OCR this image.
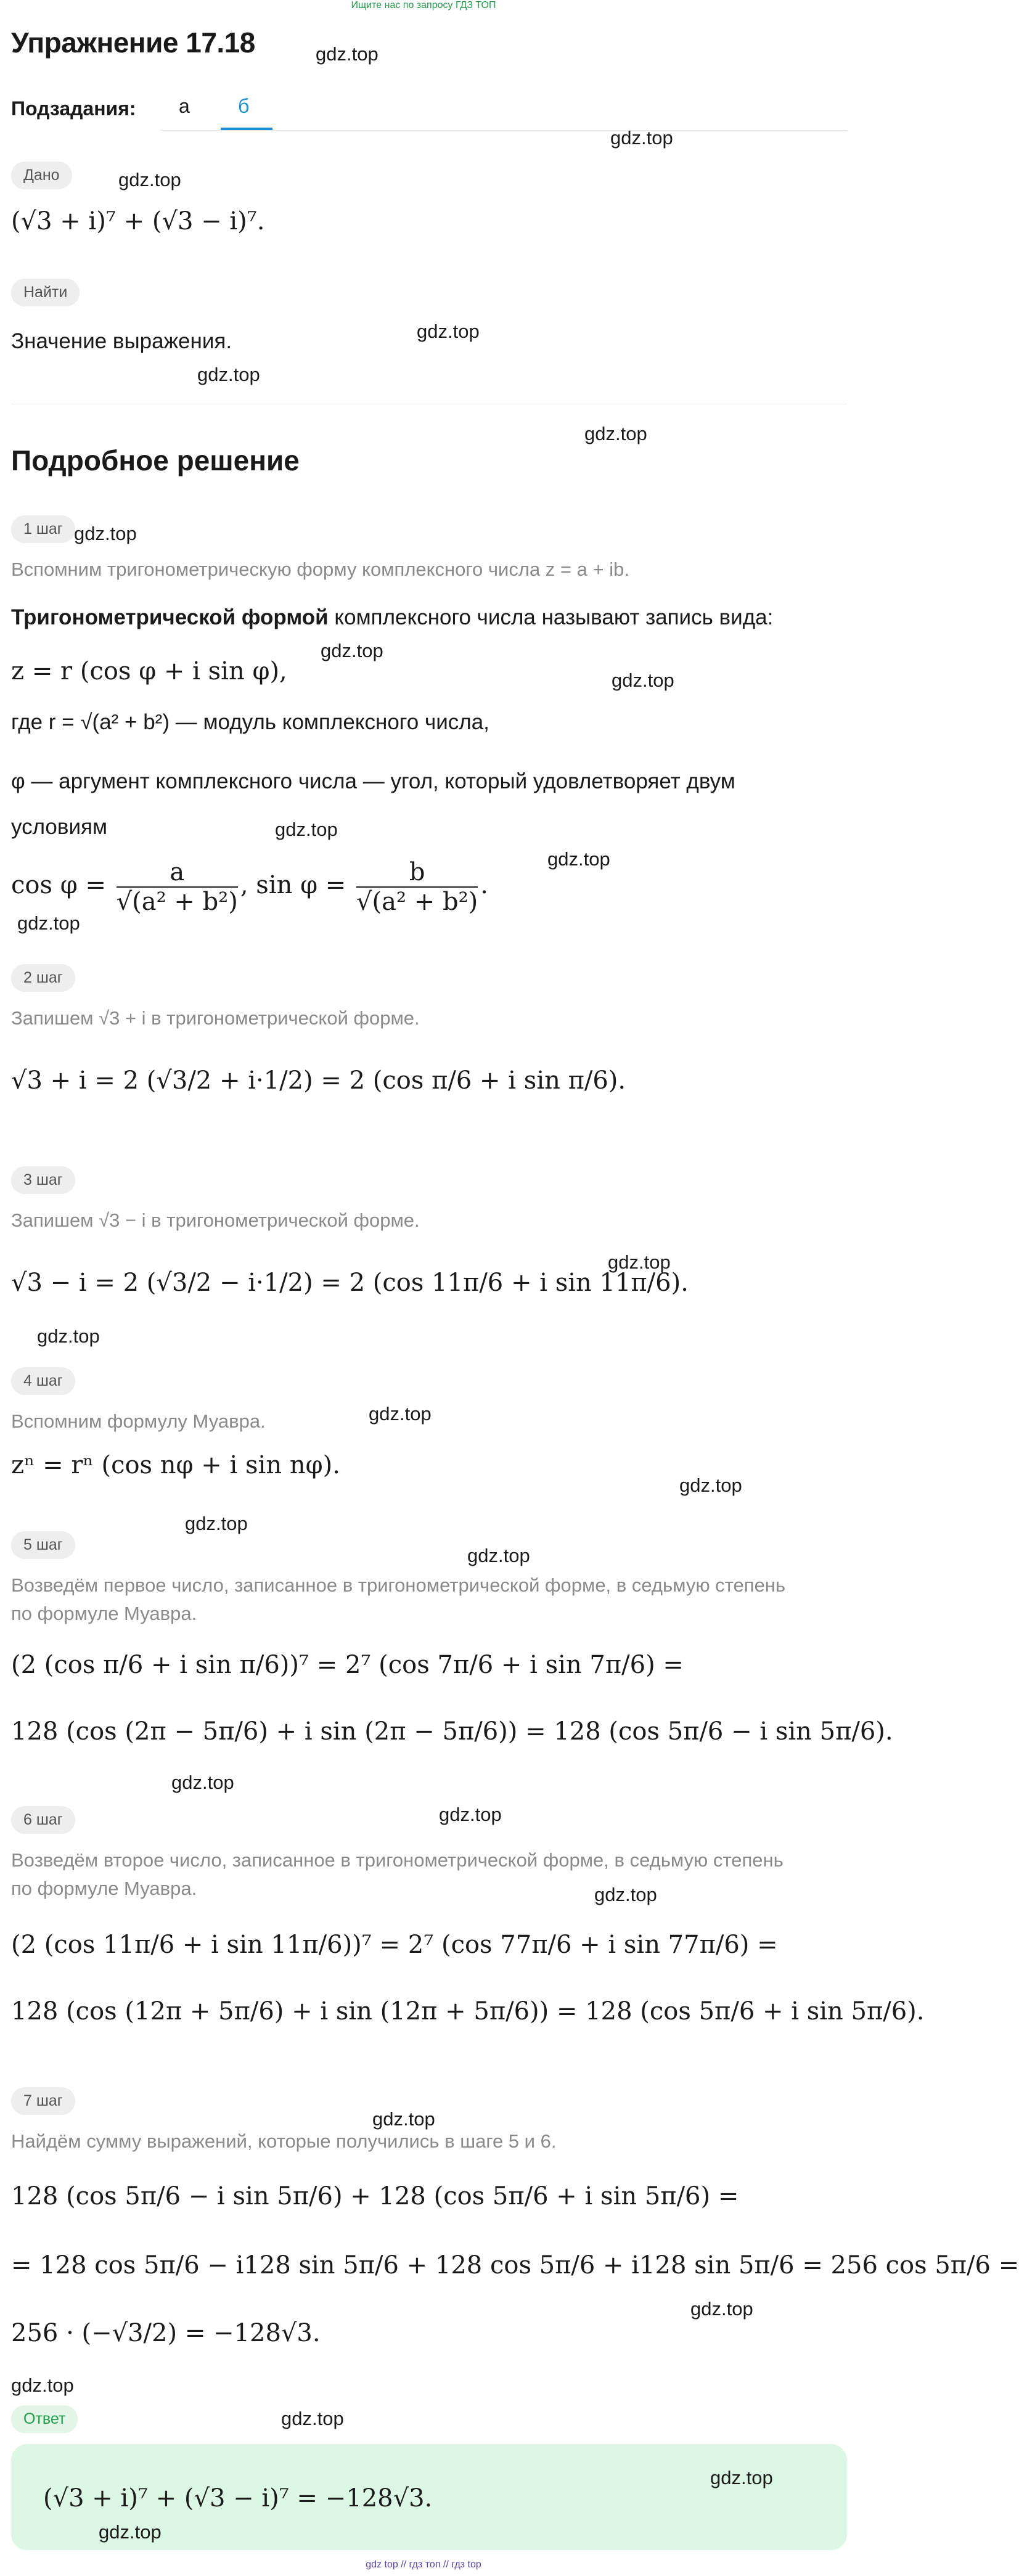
Ищите нас по запросу ГДЗ ТОП
Упражнение 17.18	gdz.top
Подзадания: а б
gdz.top
Дано	gdz.top
(√3 + i)⁷ + (√3 − i)⁷.
Найти
gdz.top
Значение выражения.
gdz.top
gdz.top
Подробное решение
1 шаг gdz.top
Вспомним тригонометрическую форму комплексного числа z = a + ib.
Тригонометрической формой комплексного числа называют запись вида:
gdz.top
z = r (cos φ + i sin φ),	gdz.top
где r = √(a² + b²) — модуль комплексного числа,
φ — аргумент комплексного числа — угол, который удовлетворяет двум
условиям	gdz.top
gdz.top
$\cos \varphi = \frac{a}{\text{√(a² + b²)}}$ , $\sin \varphi = \frac{b}{\text{√(a² + b²)}}$ .
gdz.top
2 шаг
Запишем √3 + i в тригонометрической форме.
√3 + i = 2 (√3/2 + i·1/2) = 2 (cos π/6 + i sin π/6).
3 шаг
Запишем √3 − i в тригонометрической форме.
√3 − i = 2 (√3/2 − i·1/2) = 2 (cos 11π/6 + i sin 11π/6).
gdz.top
gdz.top
4 шаг
gdz.top
Вспомним формулу Муавра.
zⁿ = rⁿ (cos nφ + i sin nφ).
gdz.top
gdz.top
5 шаг	gdz.top
Возведём первое число, записанное в тригонометрической форме, в седьмую степень
по формуле Муавра.
(2 (cos π/6 + i sin π/6))⁷ = 2⁷ (cos 7π/6 + i sin 7π/6) =
128 (cos (2π − 5π/6) + i sin (2π − 5π/6)) = 128 (cos 5π/6 − i sin 5π/6).
gdz.top
gdz.top
6 шаг
Возведём второе число, записанное в тригонометрической форме, в седьмую степень
по формуле Муавра.	gdz.top
(2 (cos 11π/6 + i sin 11π/6))⁷ = 2⁷ (cos 77π/6 + i sin 77π/6) =
128 (cos (12π + 5π/6) + i sin (12π + 5π/6)) = 128 (cos 5π/6 + i sin 5π/6).
7 шаг
gdz.top
Найдём сумму выражений, которые получились в шаге 5 и 6.
128 (cos 5π/6 − i sin 5π/6) + 128 (cos 5π/6 + i sin 5π/6) =
= 128 cos 5π/6 − i128 sin 5π/6 + 128 cos 5π/6 + i128 sin 5π/6 = 256 cos 5π/6 =
gdz.top
256 · (−√3/2) = −128√3.
gdz.top
Ответ	gdz.top
(√3 + i)⁷ + (√3 − i)⁷ = −128√3.
gdz.top
gdz.top
gdz top // гдз топ // гдз top
